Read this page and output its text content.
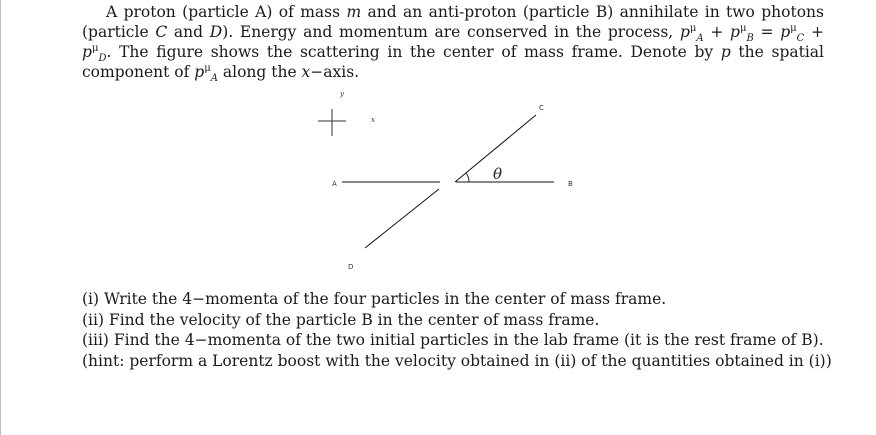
A proton (particle A) of mass m and an anti-proton (particle B) annihilate in two photons (particle C and D). Energy and momentum are conserved in the process, $p^\mu_A + p^\mu_B = p^\mu_C + p^\mu_D$. The figure shows the scattering in the center of mass frame. Denote by p the spatial component of $p^\mu_A$ along the x−axis.

y
x
A	B
C
D
θ
(i) Write the 4−momenta of the four particles in the center of mass frame.
(ii) Find the velocity of the particle B in the center of mass frame.
(iii) Find the 4−momenta of the two initial particles in the lab frame (it is the rest frame of B).
(hint: perform a Lorentz boost with the velocity obtained in (ii) of the quantities obtained in (i))
